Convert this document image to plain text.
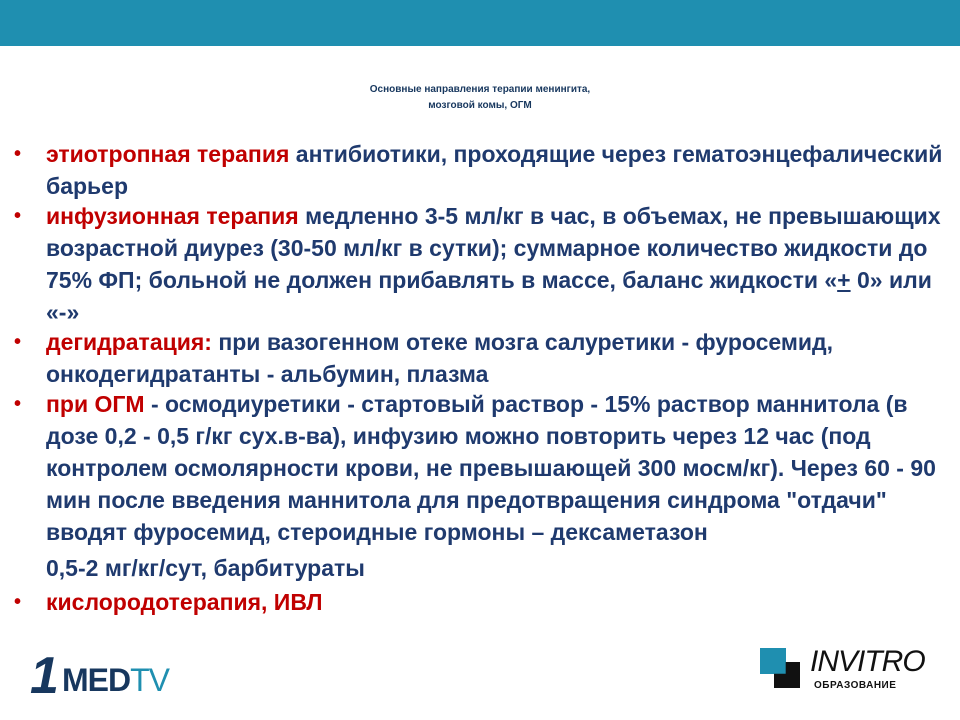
Основные направления терапии менингита,
мозговой комы, ОГМ
• этиотропная терапия антибиотики, проходящие через гематоэнцефалический барьер
• инфузионная терапия медленно 3-5 мл/кг в час, в объемах, не превышающих возрастной диурез (30-50 мл/кг в сутки); суммарное количество жидкости до 75% ФП; больной не должен прибавлять в массе, баланс жидкости «+ 0» или «-»
• дегидратация: при вазогенном отеке мозга салуретики - фуросемид, онкодегидратанты - альбумин, плазма
• при ОГМ - осмодиуретики - стартовый раствор - 15% раствор маннитола (в дозе 0,2 - 0,5 г/кг сух.в-ва), инфузию можно повторить через 12 час (под контролем осмолярности крови, не превышающей 300 мосм/кг). Через 60 - 90 мин после введения маннитола для предотвращения синдрома "отдачи" вводят фуросемид, стероидные гормоны – дексаметазон
0,5-2 мг/кг/сут, барбитураты
• кислородотерапия, ИВЛ
1 MEDTV
INVITRO
ОБРАЗОВАНИЕ
